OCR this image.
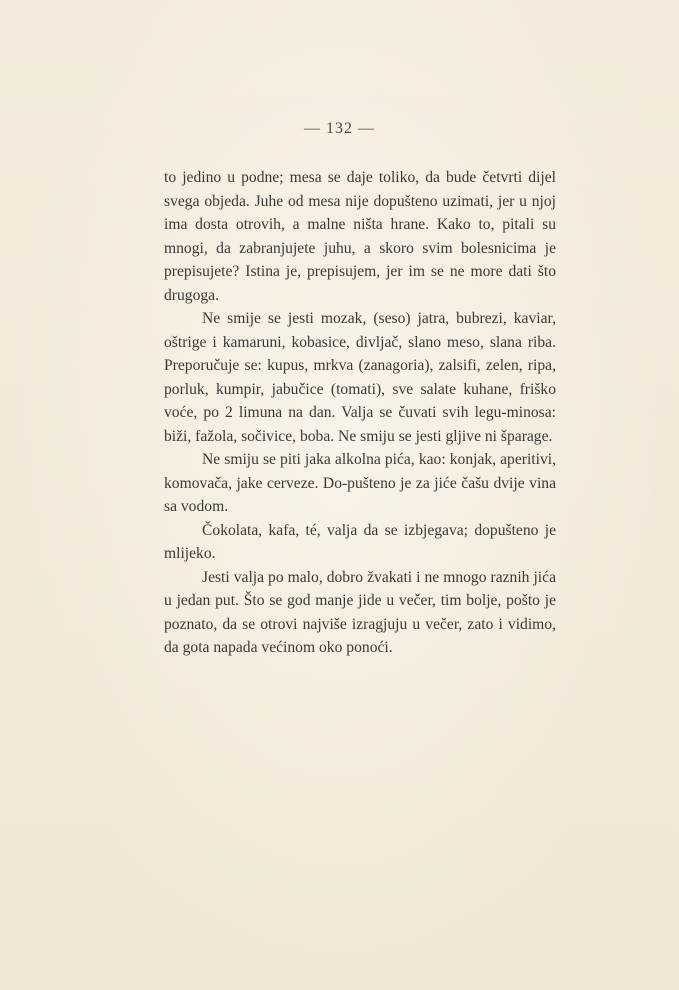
— 132 —

to jedino u podne; mesa se daje toliko, da bude četvrti dijel svega objeda. Juhe od mesa nije dopušteno uzimati, jer u njoj ima dosta otrovih, a malne ništa hrane. Kako to, pitali su mnogi, da zabranjujete juhu, a skoro svim bolesnicima je prepisujete? Istina je, prepisujem, jer im se ne more dati što drugoga.

Ne smije se jesti mozak, (seso) jatra, bubrezi, kaviar, oštrige i kamaruni, kobasice, divljač, slano meso, slana riba. Preporučuje se: kupus, mrkva (zanagoria), zalsifi, zelen, ripa, porluk, kumpir, jabučice (tomati), sve salate kuhane, friško voće, po 2 limuna na dan. Valja se čuvati svih legu-minosa: biži, fažola, sočivice, boba. Ne smiju se jesti gljive ni šparage.

Ne smiju se piti jaka alkolna pića, kao: konjak, aperitivi, komovača, jake cerveze. Do-pušteno je za jiće čašu dvije vina sa vodom.

Čokolata, kafa, té, valja da se izbjegava; dopušteno je mlijeko.

Jesti valja po malo, dobro žvakati i ne mnogo raznih jića u jedan put. Što se god manje jide u večer, tim bolje, pošto je poznato, da se otrovi najviše izragjuju u večer, zato i vidimo, da gota napada većinom oko ponoći.
